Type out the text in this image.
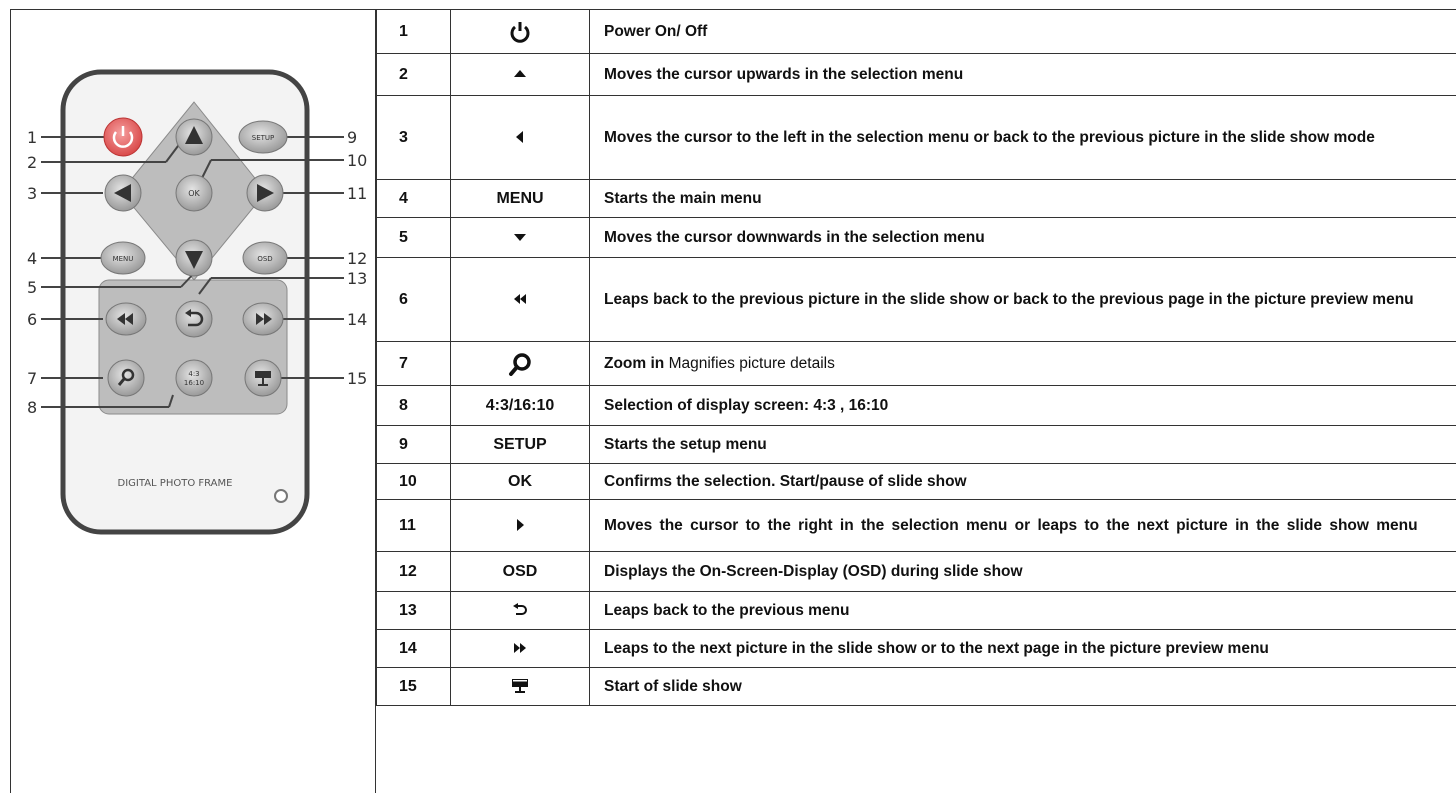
1
2
3
4
5
6
7
8
9
10
11
12
13
14
15
SETUP
OK
MENU	OSD
4:3
16:10
DIGITAL PHOTO FRAME
1		Power On/ Off
2		Moves the cursor upwards in the selection menu
3		Moves the cursor to the left in the selection menu or back to the previous picture in the slide show mode
4	MENU	Starts the main menu
5		Moves the cursor downwards in the selection menu
6		Leaps back to the previous picture in the slide show or back to the previous page in the picture preview menu
7		Zoom in Magnifies picture details
8	4:3/16:10	Selection of display screen: 4:3 , 16:10
9	SETUP	Starts the setup menu
10	OK	Confirms the selection. Start/pause of slide show
11		Moves the cursor to the right in the selection menu or leaps to the next picture in the slide show menu
12	OSD	Displays the On-Screen-Display (OSD) during slide show
13		Leaps back to the previous menu
14		Leaps to the next picture in the slide show or to the next page in the picture preview menu
15		Start of slide show
